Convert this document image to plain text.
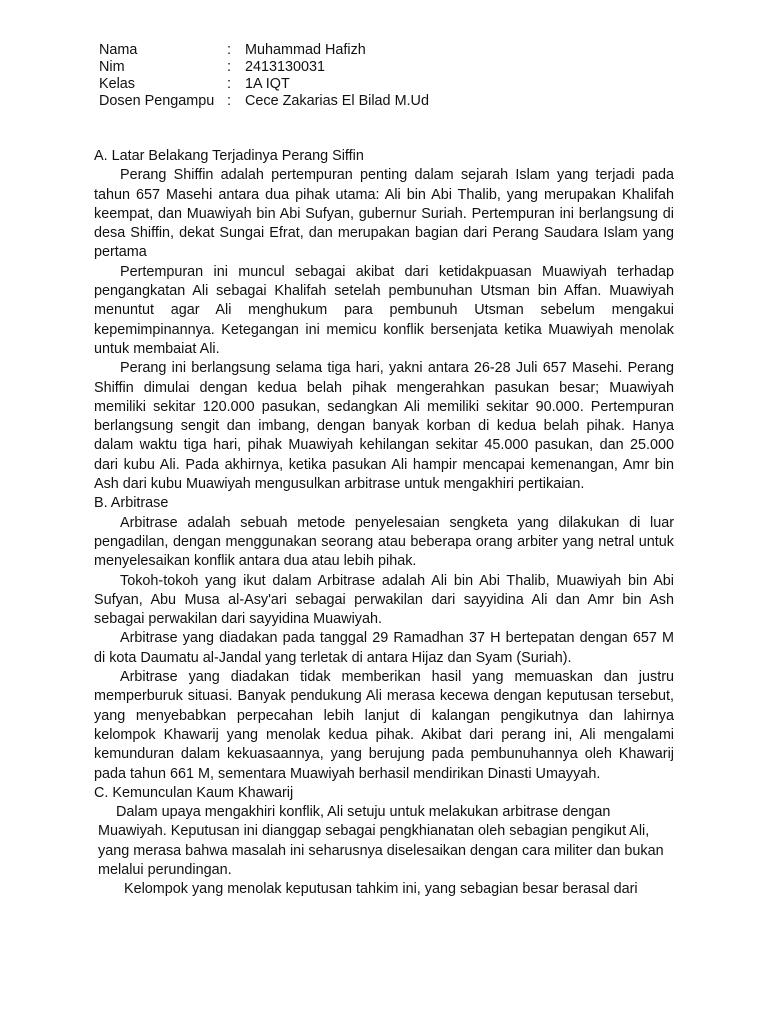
Nama	: Muhammad Hafizh
Nim	: 2413130031
Kelas	: 1A IQT
Dosen Pengampu : Cece Zakarias El Bilad M.Ud
A. Latar Belakang Terjadinya Perang Siffin

Perang Shiffin adalah pertempuran penting dalam sejarah Islam yang terjadi pada tahun 657 Masehi antara dua pihak utama: Ali bin Abi Thalib, yang merupakan Khalifah keempat, dan Muawiyah bin Abi Sufyan, gubernur Suriah. Pertempuran ini berlangsung di desa Shiffin, dekat Sungai Efrat, dan merupakan bagian dari Perang Saudara Islam yang pertama

Pertempuran ini muncul sebagai akibat dari ketidakpuasan Muawiyah terhadap pengangkatan Ali sebagai Khalifah setelah pembunuhan Utsman bin Affan. Muawiyah menuntut agar Ali menghukum para pembunuh Utsman sebelum mengakui kepemimpinannya. Ketegangan ini memicu konflik bersenjata ketika Muawiyah menolak untuk membaiat Ali.

Perang ini berlangsung selama tiga hari, yakni antara 26-28 Juli 657 Masehi. Perang Shiffin dimulai dengan kedua belah pihak mengerahkan pasukan besar; Muawiyah memiliki sekitar 120.000 pasukan, sedangkan Ali memiliki sekitar 90.000. Pertempuran berlangsung sengit dan imbang, dengan banyak korban di kedua belah pihak. Hanya dalam waktu tiga hari, pihak Muawiyah kehilangan sekitar 45.000 pasukan, dan 25.000 dari kubu Ali. Pada akhirnya, ketika pasukan Ali hampir mencapai kemenangan, Amr bin Ash dari kubu Muawiyah mengusulkan arbitrase untuk mengakhiri pertikaian.

B. Arbitrase

Arbitrase adalah sebuah metode penyelesaian sengketa yang dilakukan di luar pengadilan, dengan menggunakan seorang atau beberapa orang arbiter yang netral untuk menyelesaikan konflik antara dua atau lebih pihak.

Tokoh-tokoh yang ikut dalam Arbitrase adalah Ali bin Abi Thalib, Muawiyah bin Abi Sufyan, Abu Musa al-Asy'ari sebagai perwakilan dari sayyidina Ali dan Amr bin Ash sebagai perwakilan dari sayyidina Muawiyah.

Arbitrase yang diadakan pada tanggal 29 Ramadhan 37 H bertepatan dengan 657 M di kota Daumatu al-Jandal yang terletak di antara Hijaz dan Syam (Suriah).

Arbitrase yang diadakan tidak memberikan hasil yang memuaskan dan justru memperburuk situasi. Banyak pendukung Ali merasa kecewa dengan keputusan tersebut, yang menyebabkan perpecahan lebih lanjut di kalangan pengikutnya dan lahirnya kelompok Khawarij yang menolak kedua pihak. Akibat dari perang ini, Ali mengalami kemunduran dalam kekuasaannya, yang berujung pada pembunuhannya oleh Khawarij pada tahun 661 M, sementara Muawiyah berhasil mendirikan Dinasti Umayyah.

C. Kemunculan Kaum Khawarij

Dalam upaya mengakhiri konflik, Ali setuju untuk melakukan arbitrase dengan Muawiyah. Keputusan ini dianggap sebagai pengkhianatan oleh sebagian pengikut Ali, yang merasa bahwa masalah ini seharusnya diselesaikan dengan cara militer dan bukan melalui perundingan.

Kelompok yang menolak keputusan tahkim ini, yang sebagian besar berasal dari
